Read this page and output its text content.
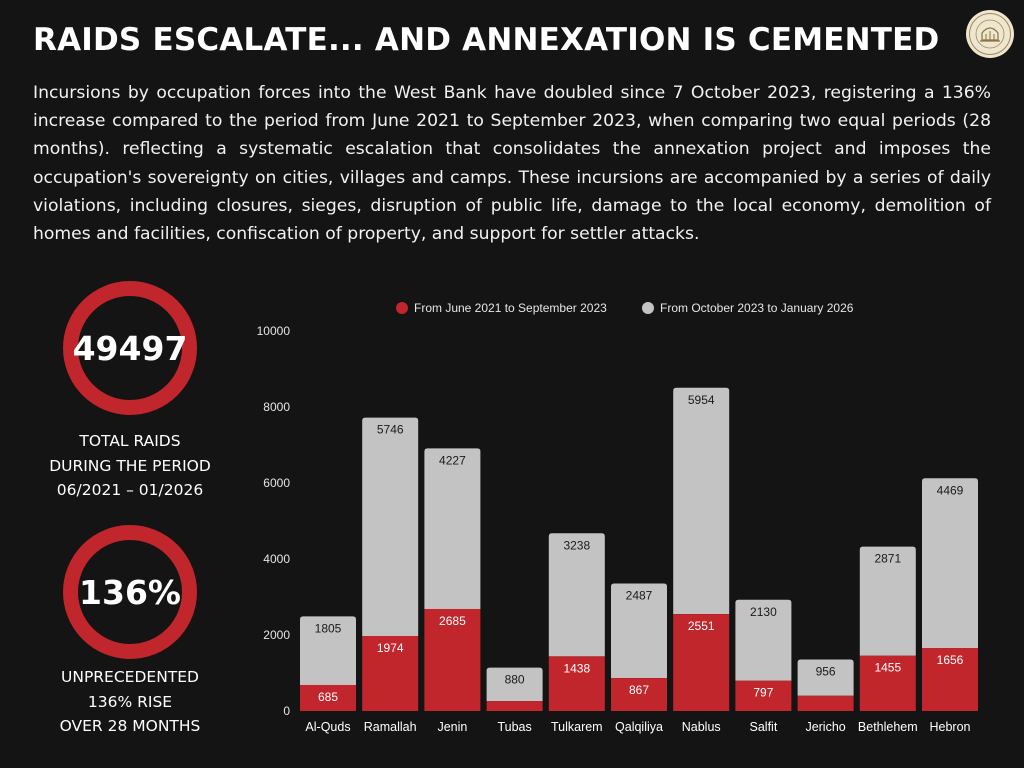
RAIDS ESCALATE... AND ANNEXATION IS CEMENTED

Incursions by occupation forces into the West Bank have doubled since 7 October 2023, registering a 136% increase compared to the period from June 2021 to September 2023, when comparing two equal periods (28 months). reflecting a systematic escalation that consolidates the annexation project and imposes the occupation's sovereignty on cities, villages and camps. These incursions are accompanied by a series of daily violations, including closures, sieges, disruption of public life, damage to the local economy, demolition of homes and facilities, confiscation of property, and support for settler attacks.

49497
TOTAL RAIDS
DURING THE PERIOD
06/2021 – 01/2026
136%
UNPRECEDENTED
136% RISE
OVER 28 MONTHS
From June 2021 to September 2023	From October 2023 to January 2026
0
2000
4000
6000
8000
10000
1805
685
Al-Quds
5746
1974
Ramallah
4227
2685
Jenin
880
Tubas
3238
1438
Tulkarem
2487
867
Qalqiliya
5954
2551
Nablus
2130
797
Salfit
956
Jericho
2871
1455
Bethlehem
4469
1656
Hebron
